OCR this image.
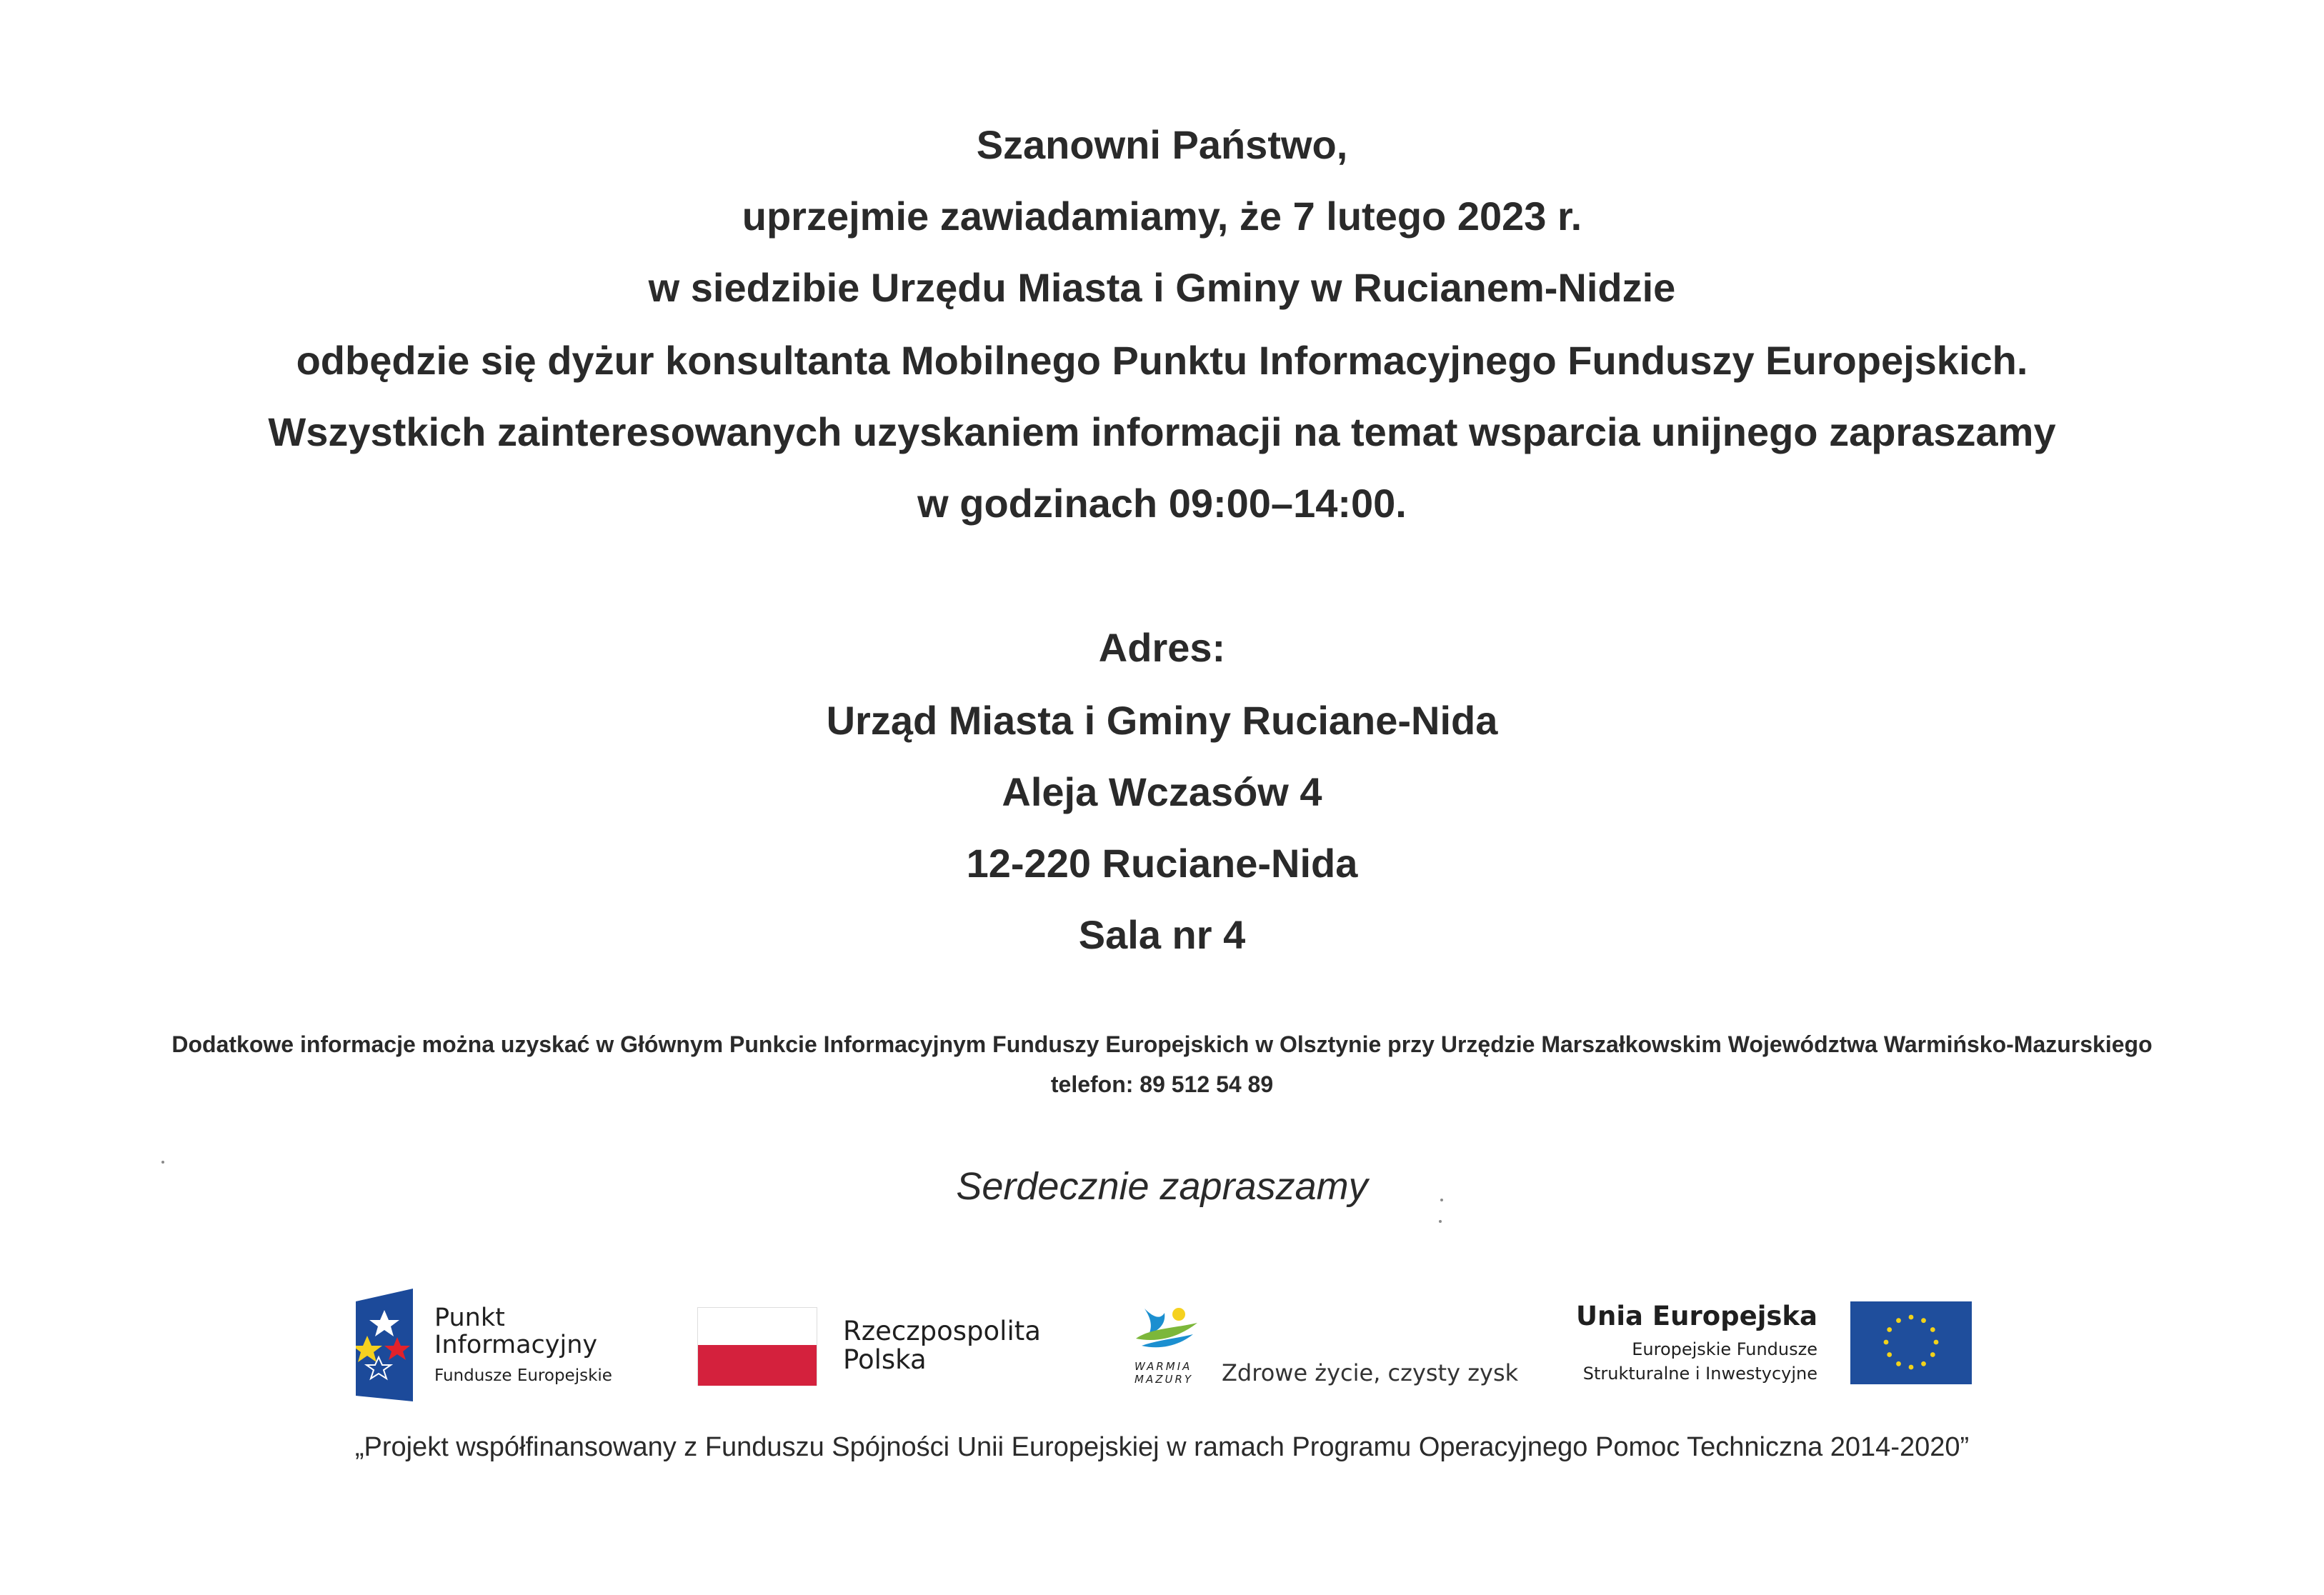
Szanowni Państwo,
uprzejmie zawiadamiamy, że 7 lutego 2023 r.
w siedzibie Urzędu Miasta i Gminy w Rucianem-Nidzie
odbędzie się dyżur konsultanta Mobilnego Punktu Informacyjnego Funduszy Europejskich.
Wszystkich zainteresowanych uzyskaniem informacji na temat wsparcia unijnego zapraszamy
w godzinach 09:00–14:00.
Adres:
Urząd Miasta i Gminy Ruciane-Nida
Aleja Wczasów 4
12-220 Ruciane-Nida
Sala nr 4
Dodatkowe informacje można uzyskać w Głównym Punkcie Informacyjnym Funduszy Europejskich w Olsztynie przy Urzędzie Marszałkowskim Województwa Warmińsko-Mazurskiego
telefon: 89 512 54 89
Serdecznie zapraszamy
Punkt
Informacyjny
Fundusze Europejskie
Rzeczpospolita
Polska	WARMIA
MAZURY Zdrowe życie, czysty zysk
Unia Europejska
Europejskie Fundusze
Strukturalne i Inwestycyjne
„Projekt współfinansowany z Funduszu Spójności Unii Europejskiej w ramach Programu Operacyjnego Pomoc Techniczna 2014-2020”
